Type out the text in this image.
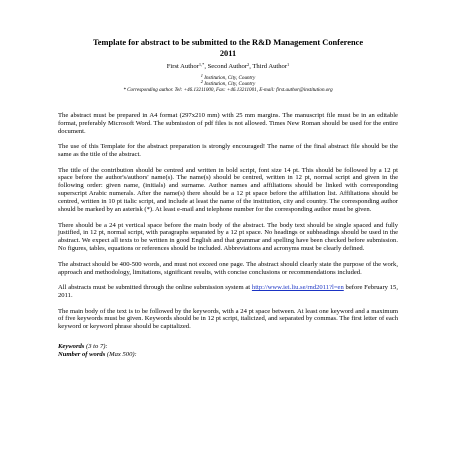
Template for abstract to be submitted to the R&D Management Conference
2011
First Author$^{1,*}$, Second Author$^2$, Third Author$^1$
$^1$ Institution, City, Country
$^2$ Institution, City, Country
* Corresponding author. Tel: +46.13211000, Fax: +46.13211001, E-mail: first.author@institution.org

The abstract must be prepared in A4 format (297x210 mm) with 25 mm margins. The manuscript file must be in an editable format, preferably Microsoft Word. The submission of pdf files is not allowed. Times New Roman should be used for the entire document.

The use of this Template for the abstract preparation is strongly encouraged! The name of the final abstract file should be the same as the title of the abstract.

The title of the contribution should be centred and written in bold script, font size 14 pt. This should be followed by a 12 pt space before the author's/authors' name(s). The name(s) should be centred, written in 12 pt, normal script and given in the following order: given name, (initials) and surname. Author names and affiliations should be linked with corresponding superscript Arabic numerals. After the name(s) there should be a 12 pt space before the affiliation list. Affiliations should be centred, written in 10 pt italic script, and include at least the name of the institution, city and country. The corresponding author should be marked by an asterisk (*). At least e-mail and telephone number for the corresponding author must be given.

There should be a 24 pt vertical space before the main body of the abstract. The body text should be single spaced and fully justified, in 12 pt, normal script, with paragraphs separated by a 12 pt space. No headings or subheadings should be used in the abstract. We expect all texts to be written in good English and that grammar and spelling have been checked before submission. No figures, tables, equations or references should be included. Abbreviations and acronyms must be clearly defined.

The abstract should be 400-500 words, and must not exceed one page. The abstract should clearly state the purpose of the work, approach and methodology, limitations, significant results, with concise conclusions or recommendations included.

All abstracts must be submitted through the online submission system at http://www.iei.liu.se/rnd2011?l=en before February 15, 2011.

The main body of the text is to be followed by the keywords, with a 24 pt space between. At least one keyword and a maximum of five keywords must be given. Keywords should be in 12 pt script, italicized, and separated by commas. The first letter of each keyword or keyword phrase should be capitalized.

Keywords (3 to 7):

Number of words (Max 500):
